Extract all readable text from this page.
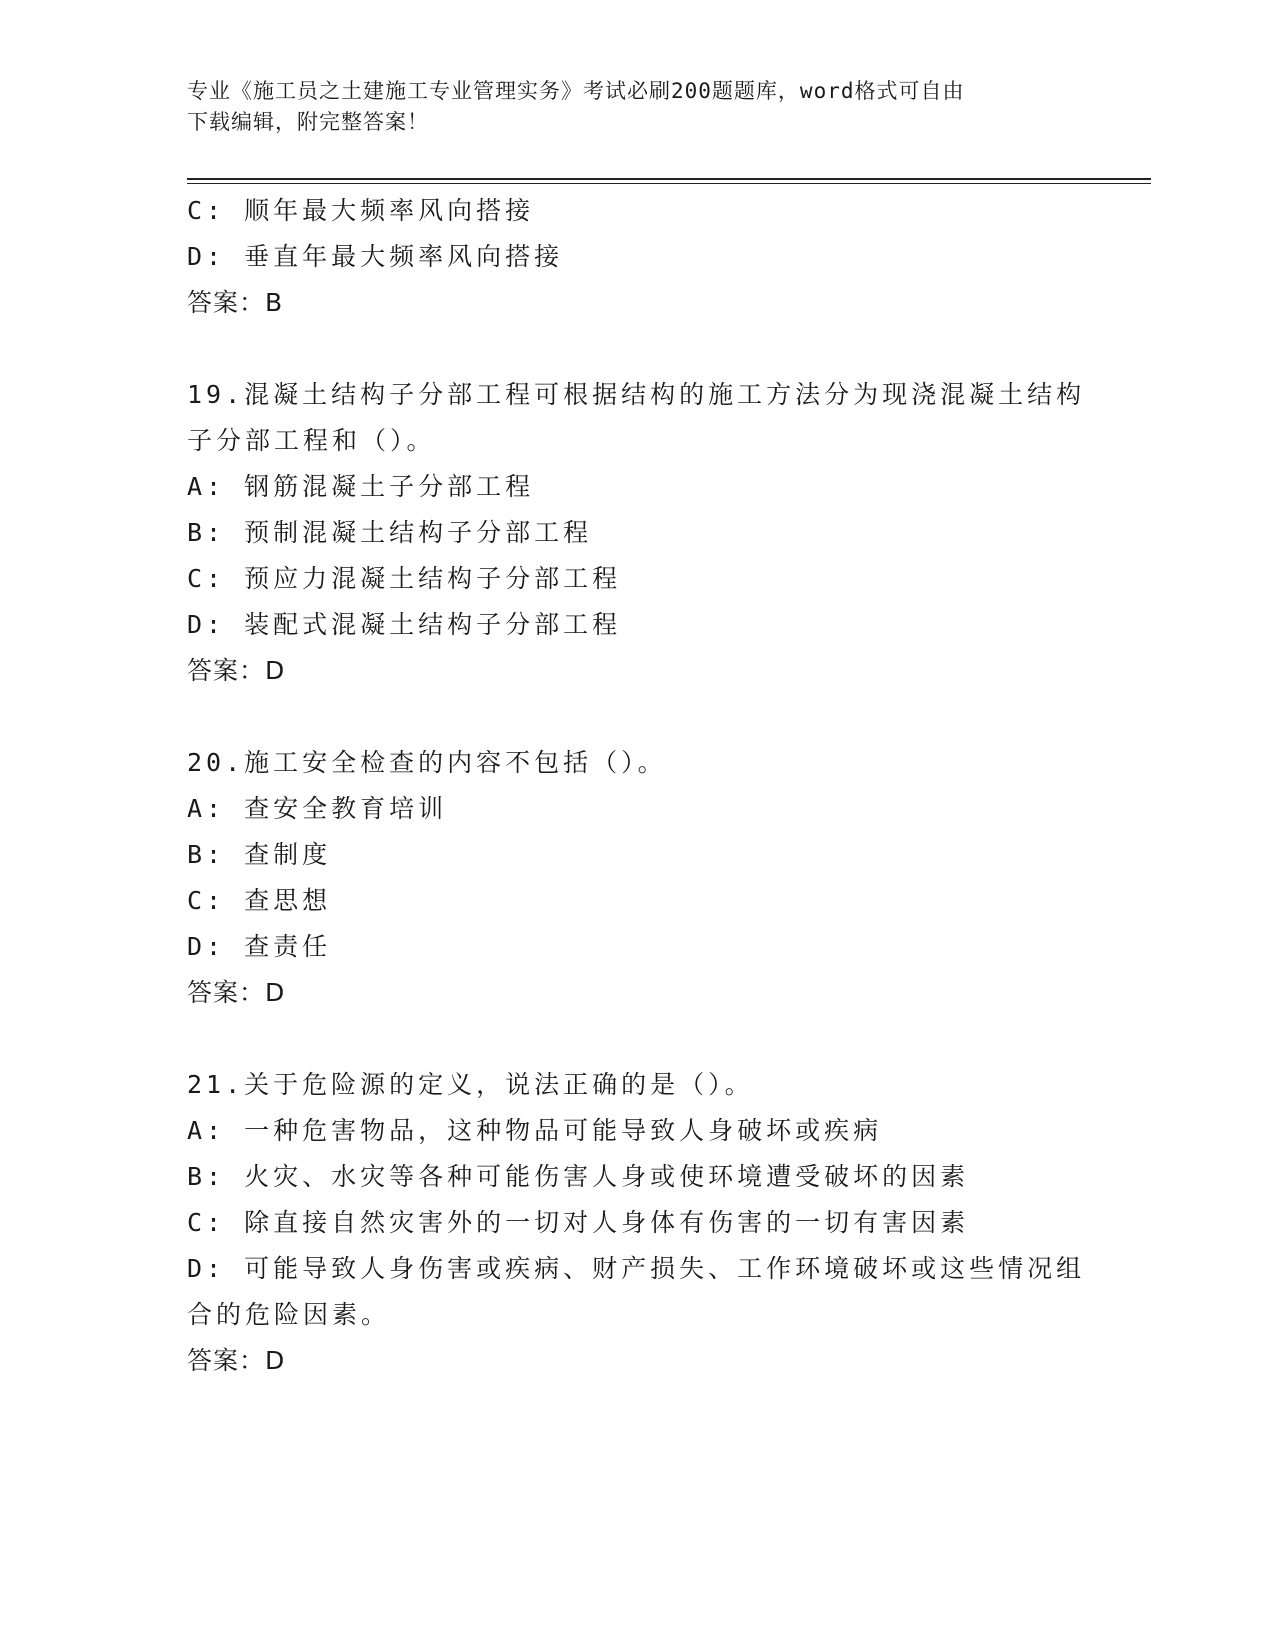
专业《施工员之土建施工专业管理实务》考试必刷200题题库，word格式可自由
下载编辑，附完整答案！
C: 顺年最大频率风向搭接
D: 垂直年最大频率风向搭接
答案：B
19.混凝土结构子分部工程可根据结构的施工方法分为现浇混凝土结构
子分部工程和（）。
A: 钢筋混凝土子分部工程
B: 预制混凝土结构子分部工程
C: 预应力混凝土结构子分部工程
D: 装配式混凝土结构子分部工程
答案：D
20.施工安全检查的内容不包括（）。
A: 查安全教育培训
B: 查制度
C: 查思想
D: 查责任
答案：D
21.关于危险源的定义，说法正确的是（）。
A: 一种危害物品，这种物品可能导致人身破坏或疾病
B: 火灾、水灾等各种可能伤害人身或使环境遭受破坏的因素
C: 除直接自然灾害外的一切对人身体有伤害的一切有害因素
D: 可能导致人身伤害或疾病、财产损失、工作环境破坏或这些情况组
合的危险因素。
答案：D
